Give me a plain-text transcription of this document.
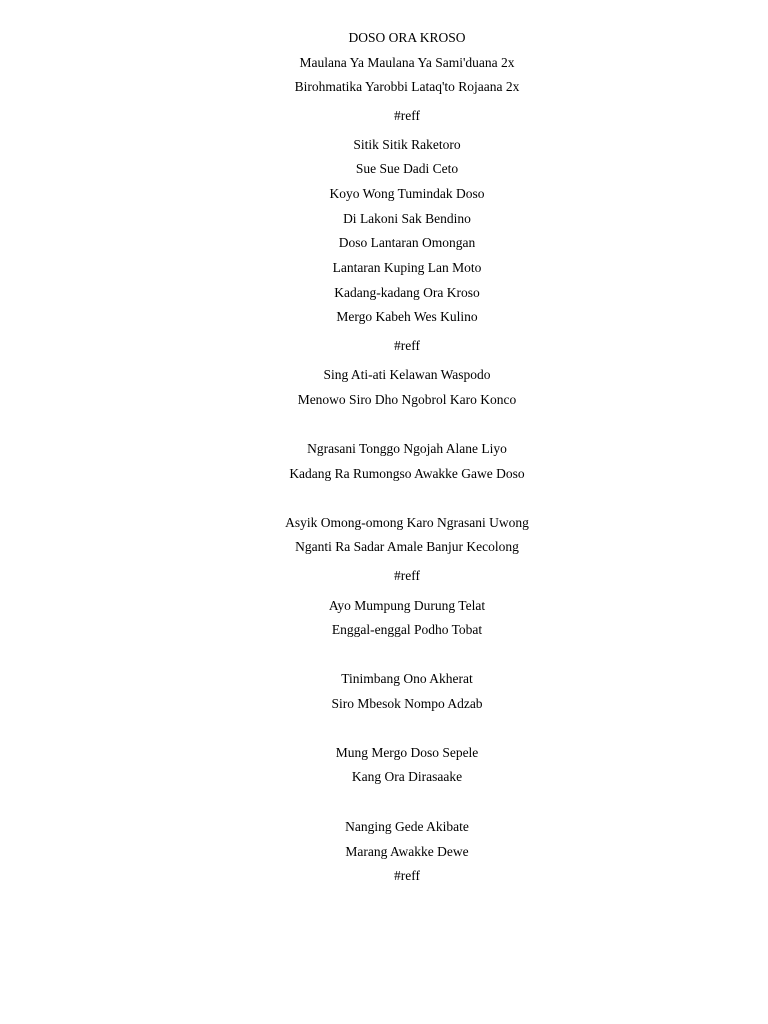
DOSO ORA KROSO
Maulana Ya Maulana Ya Sami'duana 2x
Birohmatika Yarobbi Lataq'to Rojaana 2x
#reff
Sitik Sitik Raketoro
Sue Sue Dadi Ceto
Koyo Wong Tumindak Doso
Di Lakoni Sak Bendino
Doso Lantaran Omongan
Lantaran Kuping Lan Moto
Kadang-kadang Ora Kroso
Mergo Kabeh Wes Kulino
#reff
Sing Ati-ati Kelawan Waspodo
Menowo Siro Dho Ngobrol Karo Konco
Ngrasani Tonggo Ngojah Alane Liyo
Kadang Ra Rumongso Awakke Gawe Doso
Asyik Omong-omong Karo Ngrasani Uwong
Nganti Ra Sadar Amale Banjur Kecolong
#reff
Ayo Mumpung Durung Telat
Enggal-enggal Podho Tobat
Tinimbang Ono Akherat
Siro Mbesok Nompo Adzab
Mung Mergo Doso Sepele
Kang Ora Dirasaake
Nanging Gede Akibate
Marang Awakke Dewe
#reff
